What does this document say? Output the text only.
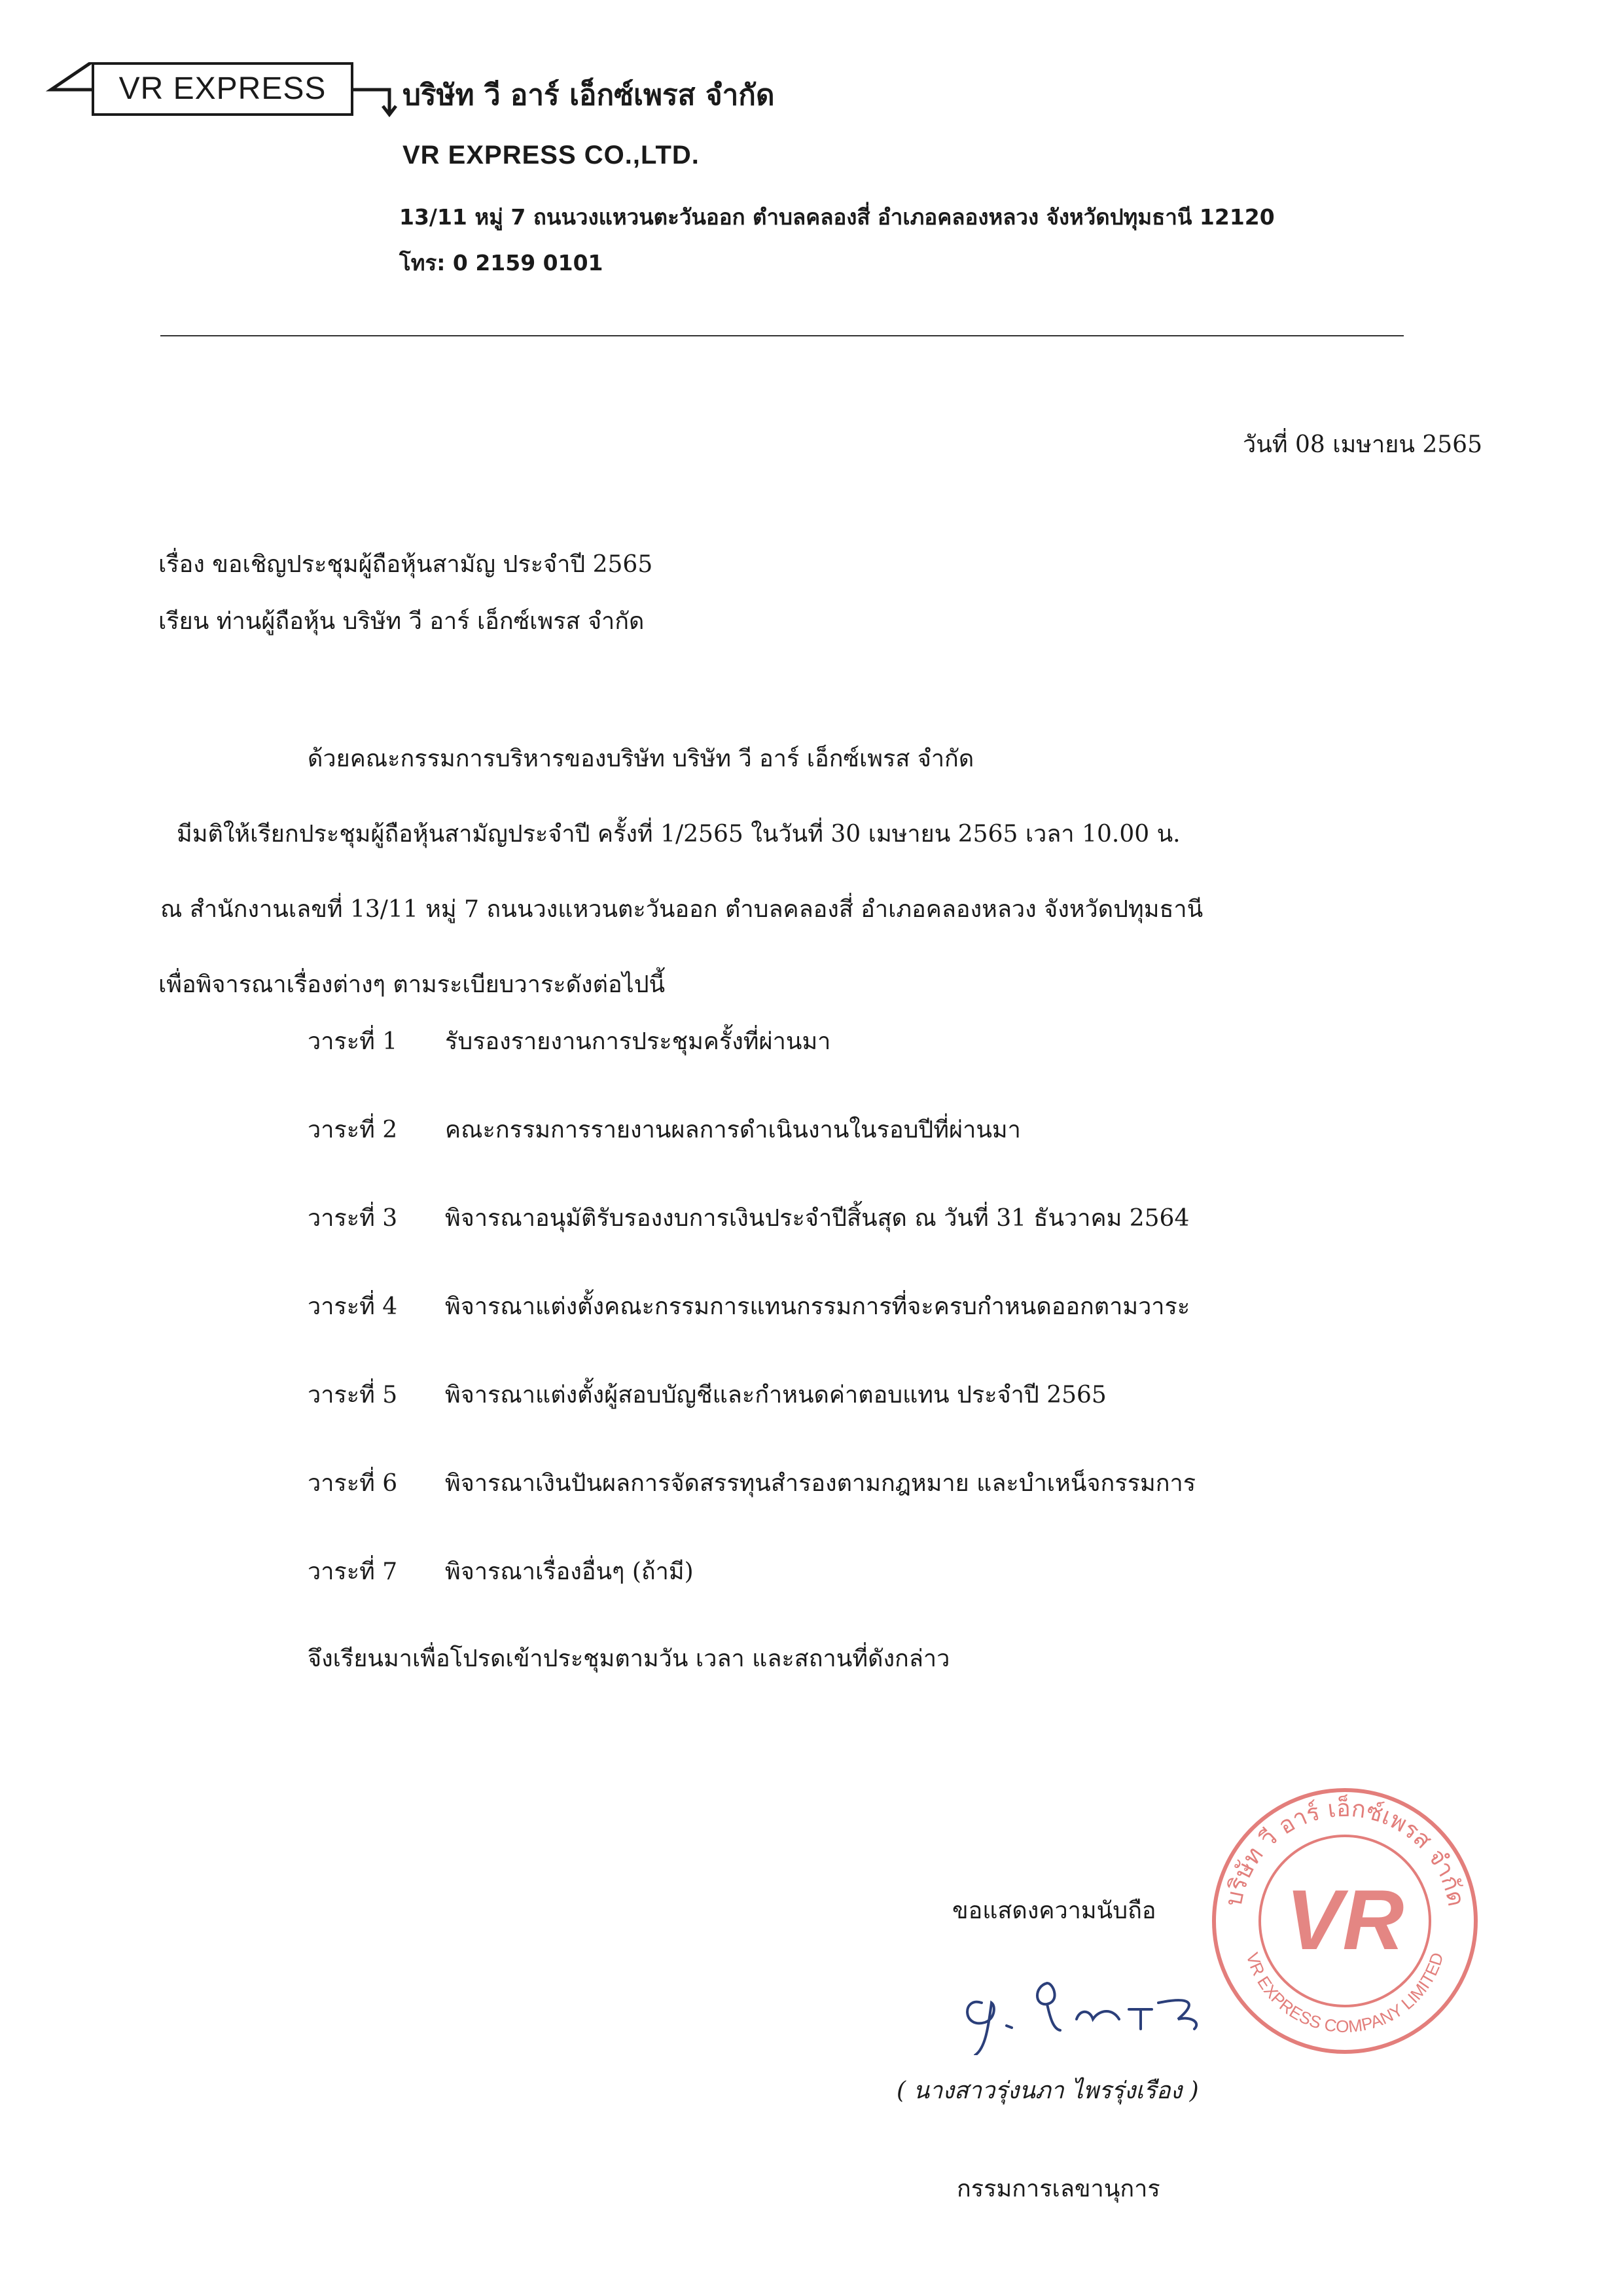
VR EXPRESS	บริษัท วี อาร์ เอ็กซ์เพรส จำกัด
VR EXPRESS CO.,LTD.
13/11 หมู่ 7 ถนนวงแหวนตะวันออก ตำบลคลองสี่ อำเภอคลองหลวง จังหวัดปทุมธานี 12120
โทร: 0 2159 0101
วันที่ 08 เมษายน 2565
เรื่อง ขอเชิญประชุมผู้ถือหุ้นสามัญ ประจำปี 2565
เรียน ท่านผู้ถือหุ้น บริษัท วี อาร์ เอ็กซ์เพรส จำกัด
ด้วยคณะกรรมการบริหารของบริษัท บริษัท วี อาร์ เอ็กซ์เพรส จำกัด
มีมติให้เรียกประชุมผู้ถือหุ้นสามัญประจำปี ครั้งที่ 1/2565 ในวันที่ 30 เมษายน 2565 เวลา 10.00 น.
ณ สำนักงานเลขที่ 13/11 หมู่ 7 ถนนวงแหวนตะวันออก ตำบลคลองสี่ อำเภอคลองหลวง จังหวัดปทุมธานี
เพื่อพิจารณาเรื่องต่างๆ ตามระเบียบวาระดังต่อไปนี้
วาระที่ 1 รับรองรายงานการประชุมครั้งที่ผ่านมา
วาระที่ 2 คณะกรรมการรายงานผลการดำเนินงานในรอบปีที่ผ่านมา
วาระที่ 3 พิจารณาอนุมัติรับรองงบการเงินประจำปีสิ้นสุด ณ วันที่ 31 ธันวาคม 2564
วาระที่ 4 พิจารณาแต่งตั้งคณะกรรมการแทนกรรมการที่จะครบกำหนดออกตามวาระ
วาระที่ 5 พิจารณาแต่งตั้งผู้สอบบัญชีและกำหนดค่าตอบแทน ประจำปี 2565
วาระที่ 6 พิจารณาเงินปันผลการจัดสรรทุนสำรองตามกฎหมาย และบำเหน็จกรรมการ
วาระที่ 7 พิจารณาเรื่องอื่นๆ (ถ้ามี)
จึงเรียนมาเพื่อโปรดเข้าประชุมตามวัน เวลา และสถานที่ดังกล่าว
ขอแสดงความนับถือ	บริษัท วี อาร์ เอ็กซ์เพรส จำกัด
VR EXPRESS COMPANY LIMITED
VR
( นางสาวรุ่งนภา ไพรรุ่งเรือง )
กรรมการเลขานุการ
